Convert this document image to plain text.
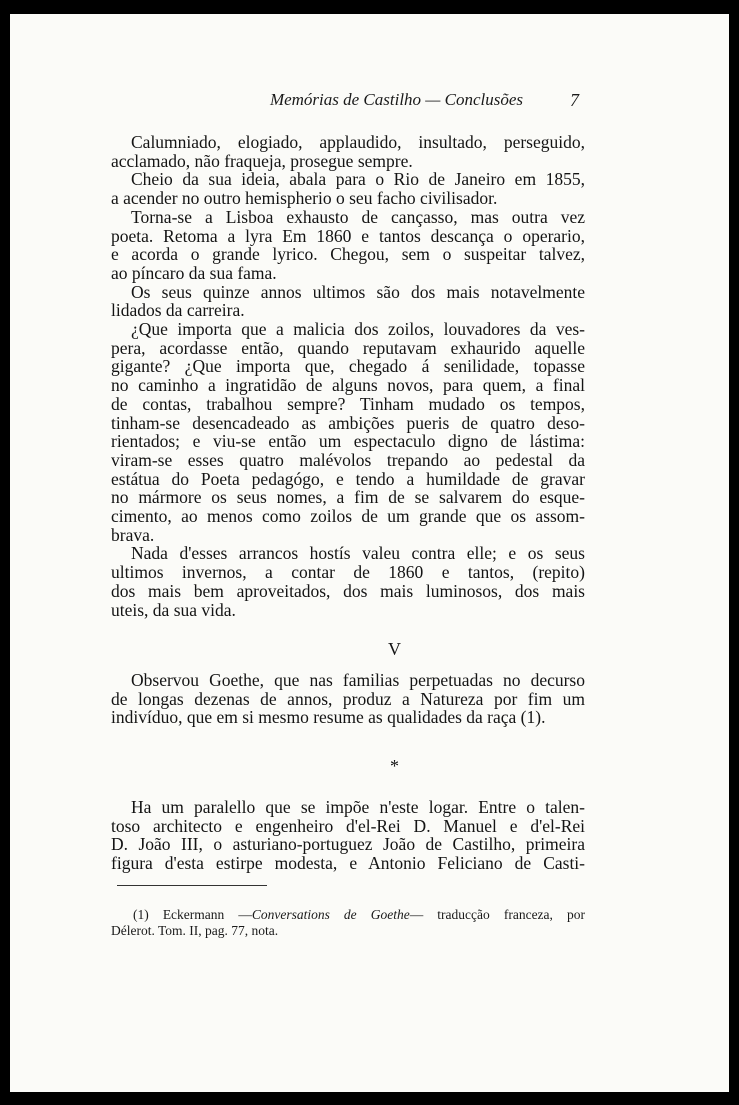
Memórias de Castilho — Conclusões	7
Calumniado, elogiado, applaudido, insultado, perseguido,
acclamado, não fraqueja, prosegue sempre.
Cheio da sua ideia, abala para o Rio de Janeiro em 1855,
a acender no outro hemispherio o seu facho civilisador.
Torna-se a Lisboa exhausto de cançasso, mas outra vez
poeta. Retoma a lyra Em 1860 e tantos descança o operario,
e acorda o grande lyrico. Chegou, sem o suspeitar talvez,
ao píncaro da sua fama.
Os seus quinze annos ultimos são dos mais notavelmente
lidados da carreira.
¿Que importa que a malicia dos zoilos, louvadores da ves-
pera, acordasse então, quando reputavam exhaurido aquelle
gigante? ¿Que importa que, chegado á senilidade, topasse
no caminho a ingratidão de alguns novos, para quem, a final
de contas, trabalhou sempre? Tinham mudado os tempos,
tinham-se desencadeado as ambições pueris de quatro deso-
rientados; e viu-se então um espectaculo digno de lástima:
viram-se esses quatro malévolos trepando ao pedestal da
estátua do Poeta pedagógo, e tendo a humildade de gravar
no mármore os seus nomes, a fim de se salvarem do esque-
cimento, ao menos como zoilos de um grande que os assom-
brava.
Nada d'esses arrancos hostís valeu contra elle; e os seus
ultimos invernos, a contar de 1860 e tantos, (repito)
dos mais bem aproveitados, dos mais luminosos, dos mais
uteis, da sua vida.
V
Observou Goethe, que nas familias perpetuadas no decurso
de longas dezenas de annos, produz a Natureza por fim um
indivíduo, que em si mesmo resume as qualidades da raça (1).
*
Ha um paralello que se impõe n'este logar. Entre o talen-
toso architecto e engenheiro d'el-Rei D. Manuel e d'el-Rei
D. João III, o asturiano-portuguez João de Castilho, primeira
figura d'esta estirpe modesta, e Antonio Feliciano de Casti-
(1) Eckermann —Conversations de Goethe— traducção franceza, por
Délerot. Tom. II, pag. 77, nota.
